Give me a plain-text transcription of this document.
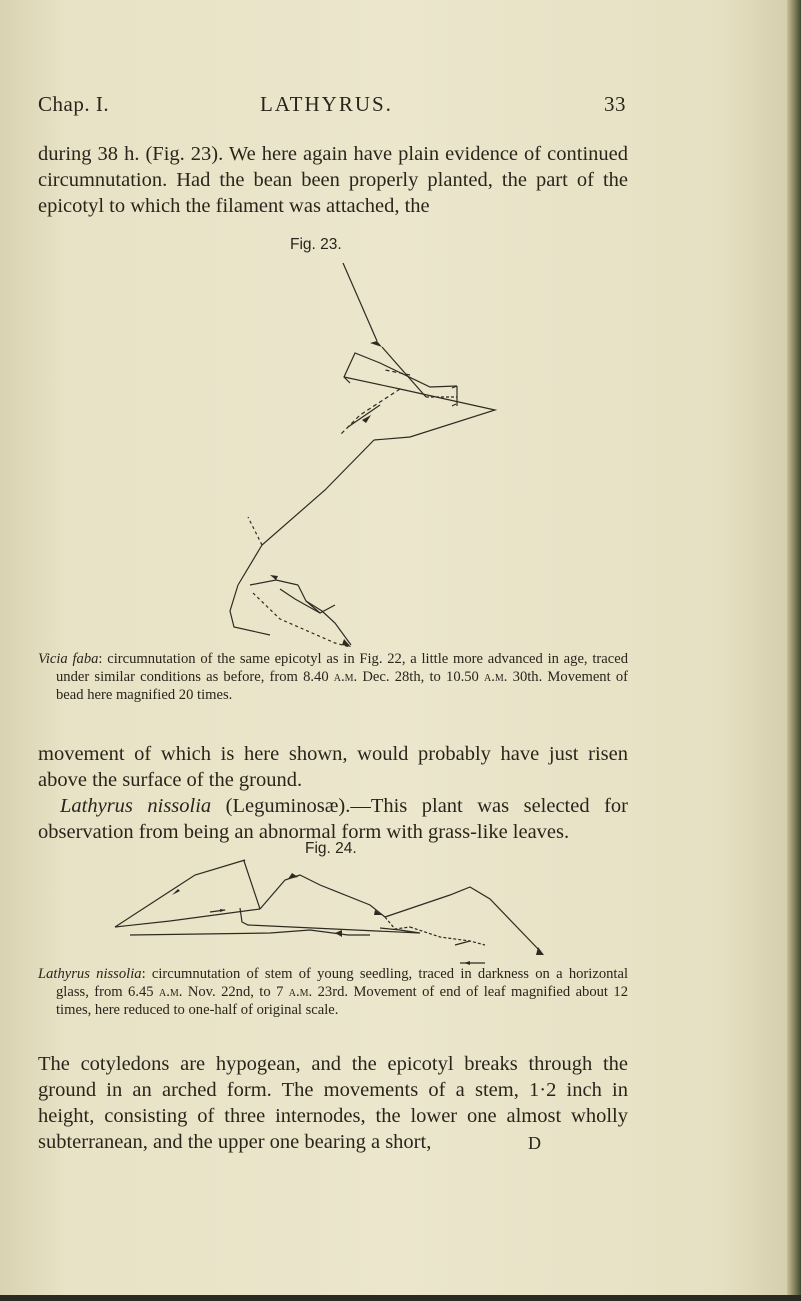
Chap. I.	LATHYRUS.	33

during 38 h. (Fig. 23). We here again have plain evidence of continued circumnutation. Had the bean been properly planted, the part of the epicotyl to which the filament was attached, the

Fig. 23.

Vicia faba: circumnutation of the same epicotyl as in Fig. 22, a little more advanced in age, traced under similar conditions as before, from 8.40 a.m. Dec. 28th, to 10.50 a.m. 30th. Movement of bead here magnified 20 times.

movement of which is here shown, would probably have just risen above the surface of the ground.

Lathyrus nissolia (Leguminosæ).—This plant was selected for observation from being an abnormal form with grass-like leaves.

Fig. 24.

Lathyrus nissolia: circumnutation of stem of young seedling, traced in darkness on a horizontal glass, from 6.45 a.m. Nov. 22nd, to 7 a.m. 23rd. Movement of end of leaf magnified about 12 times, here reduced to one-half of original scale.

The cotyledons are hypogean, and the epicotyl breaks through the ground in an arched form. The movements of a stem, 1·2 inch in height, consisting of three internodes, the lower one almost wholly subterranean, and the upper one bearing a short,	D
